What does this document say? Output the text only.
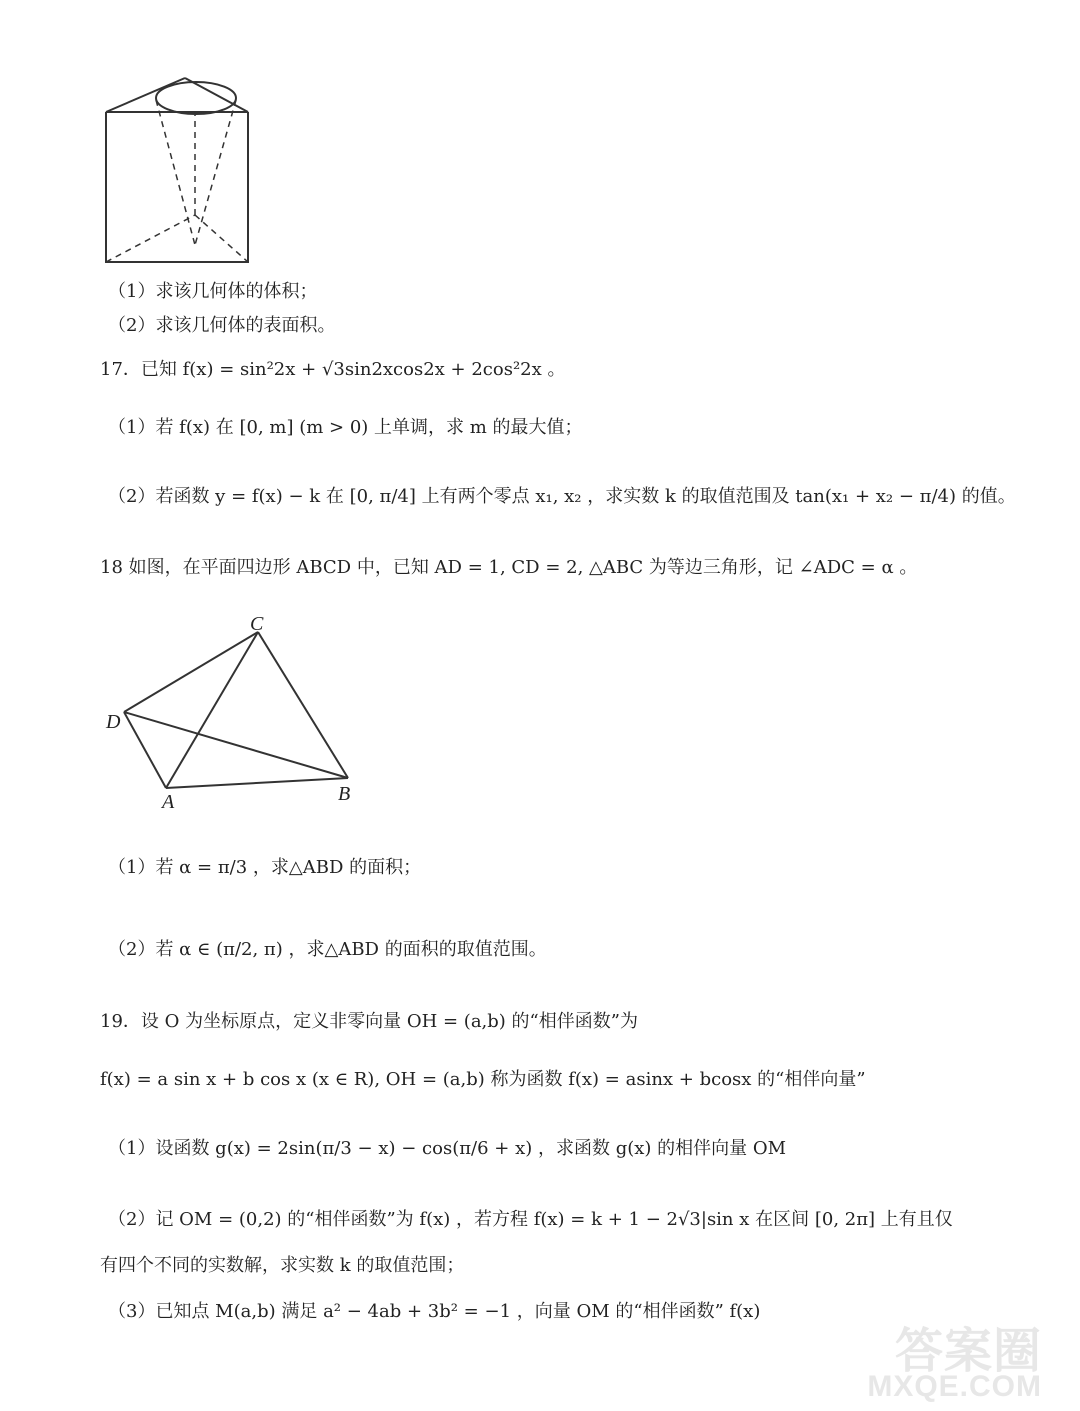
（1）求该几何体的体积；
（2）求该几何体的表面积。
17．已知 f(x) = sin²2x + √3sin2xcos2x + 2cos²2x 。
（1）若 f(x) 在 [0, m] (m > 0) 上单调，求 m 的最大值；
（2）若函数 y = f(x) − k 在 [0, π/4] 上有两个零点 x₁, x₂ ，求实数 k 的取值范围及 tan(x₁ + x₂ − π/4) 的值。
18 如图，在平面四边形 ABCD 中，已知 AD = 1, CD = 2, △ABC 为等边三角形，记 ∠ADC = α 。
C
D
A	B
（1）若 α = π/3 ，求△ABD 的面积；
（2）若 α ∈ (π/2, π) ，求△ABD 的面积的取值范围。
19．设 O 为坐标原点，定义非零向量 OH = (a,b) 的“相伴函数”为
f(x) = a sin x + b cos x (x ∈ R), OH = (a,b) 称为函数 f(x) = asinx + bcosx 的“相伴向量”
（1）设函数 g(x) = 2sin(π/3 − x) − cos(π/6 + x) ，求函数 g(x) 的相伴向量 OM
（2）记 OM = (0,2) 的“相伴函数”为 f(x) ，若方程 f(x) = k + 1 − 2√3|sin x 在区间 [0, 2π] 上有且仅
有四个不同的实数解，求实数 k 的取值范围；
（3）已知点 M(a,b) 满足 a² − 4ab + 3b² = −1 ，向量 OM 的“相伴函数” f(x)
答案圈
MXQE.COM
